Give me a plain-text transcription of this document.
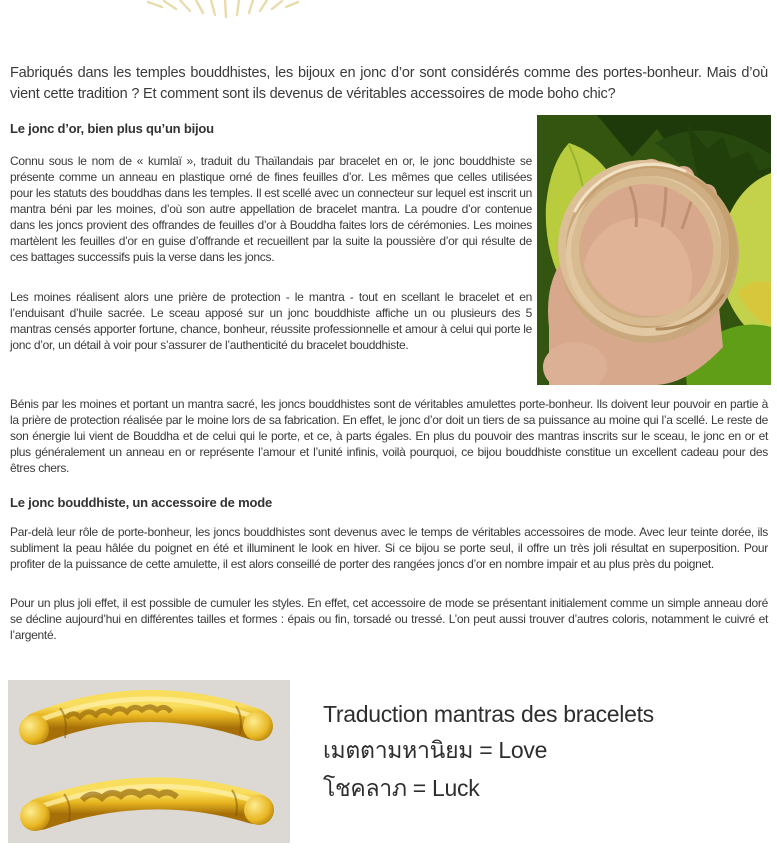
Fabriqués dans les temples bouddhistes, les bijoux en jonc d’or sont considérés comme des portes-bonheur. Mais d’où vient cette tradition ? Et comment sont ils devenus de véritables accessoires de mode boho chic?

Le jonc d’or, bien plus qu’un bijou

Connu sous le nom de « kumlaï », traduit du Thaïlandais par bracelet en or, le jonc bouddhiste se présente comme un anneau en plastique orné de fines feuilles d’or. Les mêmes que celles utilisées pour les statuts des bouddhas dans les temples. Il est scellé avec un connecteur sur lequel est inscrit un mantra béni par les moines, d’où son autre appellation de bracelet mantra. La poudre d’or contenue dans les joncs provient des offrandes de feuilles d’or à Bouddha faites lors de cérémonies. Les moines martèlent les feuilles d’or en guise d’offrande et recueillent par la suite la poussière d’or qui résulte de ces battages successifs puis la verse dans les joncs.

Les moines réalisent alors une prière de protection - le mantra - tout en scellant le bracelet et en l’enduisant d’huile sacrée. Le sceau apposé sur un jonc bouddhiste affiche un ou plusieurs des 5 mantras censés apporter fortune, chance, bonheur, réussite professionnelle et amour à celui qui porte le jonc d’or, un détail à voir pour s’assurer de l’authenticité du bracelet bouddhiste.

Bénis par les moines et portant un mantra sacré, les joncs bouddhistes sont de véritables amulettes porte-bonheur. Ils doivent leur pouvoir en partie à la prière de protection réalisée par le moine lors de sa fabrication. En effet, le jonc d’or doit un tiers de sa puissance au moine qui l’a scellé. Le reste de son énergie lui vient de Bouddha et de celui qui le porte, et ce, à parts égales. En plus du pouvoir des mantras inscrits sur le sceau, le jonc en or et plus généralement un anneau en or représente l’amour et l’unité infinis, voilà pourquoi, ce bijou bouddhiste constitue un excellent cadeau pour des êtres chers.

Le jonc bouddhiste, un accessoire de mode

Par-delà leur rôle de porte-bonheur, les joncs bouddhistes sont devenus avec le temps de véritables accessoires de mode. Avec leur teinte dorée, ils subliment la peau hâlée du poignet en été et illuminent le look en hiver. Si ce bijou se porte seul, il offre un très joli résultat en superposition. Pour profiter de la puissance de cette amulette, il est alors conseillé de porter des rangées joncs d’or en nombre impair et au plus près du poignet.

Pour un plus joli effet, il est possible de cumuler les styles. En effet, cet accessoire de mode se présentant initialement comme un simple anneau doré se décline aujourd’hui en différentes tailles et formes : épais ou fin, torsadé ou tressé. L’on peut aussi trouver d’autres coloris, notamment le cuivré et l’argenté.

Traduction mantras des bracelets

เมตตามหานิยม = Love

โชคลาภ = Luck
